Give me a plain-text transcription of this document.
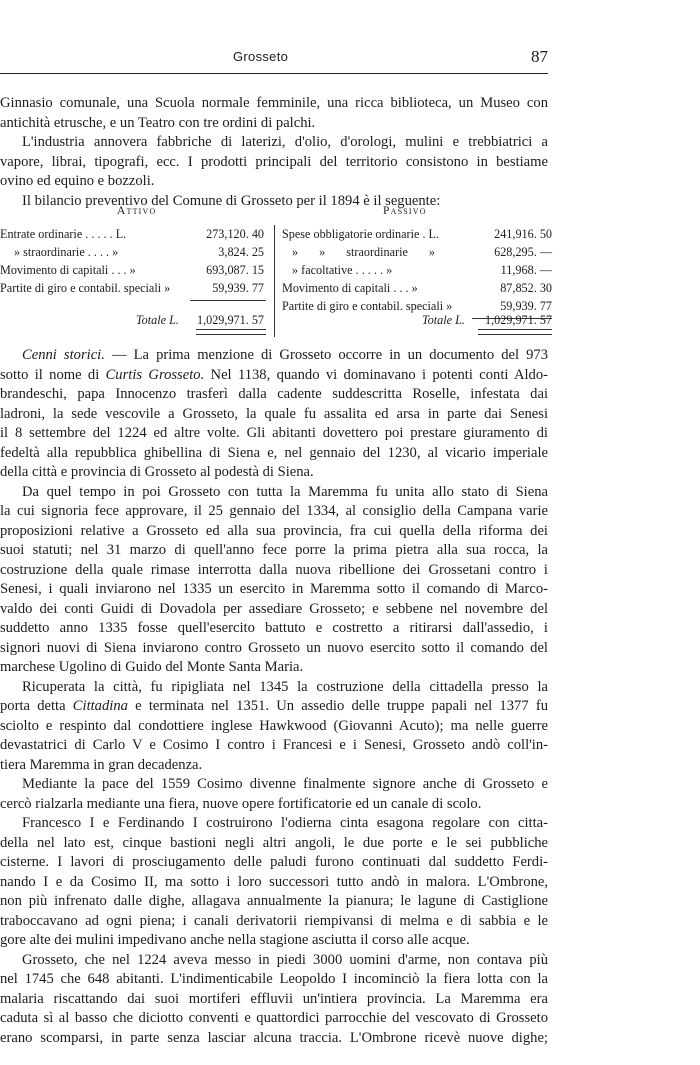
Grosseto	87
Ginnasio comunale, una Scuola normale femminile, una ricca biblioteca, un Museo con
antichità etrusche, e un Teatro con tre ordini di palchi.
L'industria annovera fabbriche di laterizi, d'olio, d'orologi, mulini e trebbiatrici a
vapore, librai, tipografi, ecc. I prodotti principali del territorio consistono in bestiame
ovino ed equino e bozzoli.
Il bilancio preventivo del Comune di Grosseto per il 1894 è il seguente:
Attivo	Passivo
Entrate ordinarie . . . . . L.	273,120. 40
» straordinarie . . . . »	3,824. 25
Movimento di capitali . . . »	693,087. 15
Partite di giro e contabil. speciali »	59,939. 77
Spese obbligatorie ordinarie . L.	241,916. 50
» » straordinarie »	628,295. —
» facoltative . . . . . »	11,968. —
Movimento di capitali . . . »	87,852. 30
Partite di giro e contabil. speciali »	59,939. 77
Totale L. 1,029,971. 57	Totale L. 1,029,971. 57
Cenni storici. — La prima menzione di Grosseto occorre in un documento del 973
sotto il nome di Curtis Grosseto. Nel 1138, quando vi dominavano i potenti conti Aldo-
brandeschi, papa Innocenzo trasferì dalla cadente suddescritta Roselle, infestata dai
ladroni, la sede vescovile a Grosseto, la quale fu assalita ed arsa in parte dai Senesi
il 8 settembre del 1224 ed altre volte. Gli abitanti dovettero poi prestare giuramento di
fedeltà alla repubblica ghibellina di Siena e, nel gennaio del 1230, al vicario imperiale
della città e provincia di Grosseto al podestà di Siena.
Da quel tempo in poi Grosseto con tutta la Maremma fu unita allo stato di Siena
la cui signoria fece approvare, il 25 gennaio del 1334, al consiglio della Campana varie
proposizioni relative a Grosseto ed alla sua provincia, fra cui quella della riforma dei
suoi statuti; nel 31 marzo di quell'anno fece porre la prima pietra alla sua rocca, la
costruzione della quale rimase interrotta dalla nuova ribellione dei Grossetani contro i
Senesi, i quali inviarono nel 1335 un esercito in Maremma sotto il comando di Marco-
valdo dei conti Guidi di Dovadola per assediare Grosseto; e sebbene nel novembre del
suddetto anno 1335 fosse quell'esercito battuto e costretto a ritirarsi dall'assedio, i
signori nuovi di Siena inviarono contro Grosseto un nuovo esercito sotto il comando del
marchese Ugolino di Guido del Monte Santa Maria.
Ricuperata la città, fu ripigliata nel 1345 la costruzione della cittadella presso la
porta detta Cittadina e terminata nel 1351. Un assedio delle truppe papali nel 1377 fu
sciolto e respinto dal condottiere inglese Hawkwood (Giovanni Acuto); ma nelle guerre
devastatrici di Carlo V e Cosimo I contro i Francesi e i Senesi, Grosseto andò coll'in-
tiera Maremma in gran decadenza.
Mediante la pace del 1559 Cosimo divenne finalmente signore anche di Grosseto e
cercò rialzarla mediante una fiera, nuove opere fortificatorie ed un canale di scolo.
Francesco I e Ferdinando I costruirono l'odierna cinta esagona regolare con citta-
della nel lato est, cinque bastioni negli altri angoli, le due porte e le sei pubbliche
cisterne. I lavori di prosciugamento delle paludi furono continuati dal suddetto Ferdi-
nando I e da Cosimo II, ma sotto i loro successori tutto andò in malora. L'Ombrone,
non più infrenato dalle dighe, allagava annualmente la pianura; le lagune di Castiglione
traboccavano ad ogni piena; i canali derivatorii riempivansi di melma e di sabbia e le
gore alte dei mulini impedivano anche nella stagione asciutta il corso alle acque.
Grosseto, che nel 1224 aveva messo in piedi 3000 uomini d'arme, non contava più
nel 1745 che 648 abitanti. L'indimenticabile Leopoldo I incominciò la fiera lotta con la
malaria riscattando dai suoi mortiferi effluvii un'intiera provincia. La Maremma era
caduta sì al basso che diciotto conventi e quattordici parrocchie del vescovato di Grosseto
erano scomparsi, in parte senza lasciar alcuna traccia. L'Ombrone ricevè nuove dighe;
